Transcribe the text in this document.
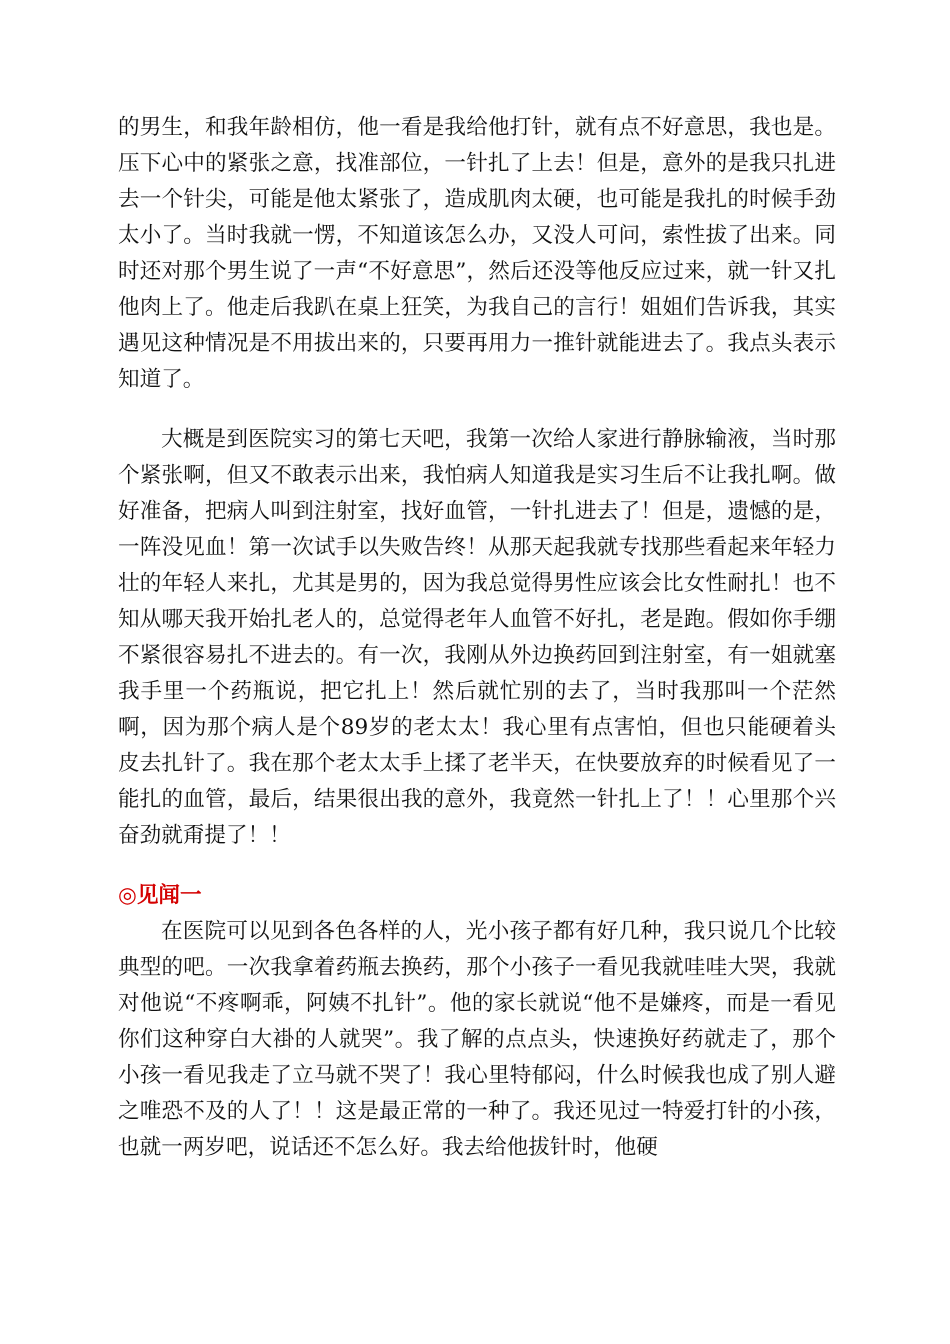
的男生，和我年龄相仿，他一看是我给他打针，就有点不好意思，我也是。压下心中的紧张之意，找准部位，一针扎了上去！但是，意外的是我只扎进去一个针尖，可能是他太紧张了，造成肌肉太硬，也可能是我扎的时候手劲太小了。当时我就一愣，不知道该怎么办，又没人可问，索性拔了出来。同时还对那个男生说了一声“不好意思”，然后还没等他反应过来，就一针又扎他肉上了。他走后我趴在桌上狂笑，为我自己的言行！姐姐们告诉我，其实遇见这种情况是不用拔出来的，只要再用力一推针就能进去了。我点头表示知道了。

大概是到医院实习的第七天吧，我第一次给人家进行静脉输液，当时那个紧张啊，但又不敢表示出来，我怕病人知道我是实习生后不让我扎啊。做好准备，把病人叫到注射室，找好血管，一针扎进去了！但是，遗憾的是，一阵没见血！第一次试手以失败告终！从那天起我就专找那些看起来年轻力壮的年轻人来扎，尤其是男的，因为我总觉得男性应该会比女性耐扎！也不知从哪天我开始扎老人的，总觉得老年人血管不好扎，老是跑。假如你手绷不紧很容易扎不进去的。有一次，我刚从外边换药回到注射室，有一姐就塞我手里一个药瓶说，把它扎上！然后就忙别的去了，当时我那叫一个茫然啊，因为那个病人是个89岁的老太太！我心里有点害怕，但也只能硬着头皮去扎针了。我在那个老太太手上揉了老半天，在快要放弃的时候看见了一能扎的血管，最后，结果很出我的意外，我竟然一针扎上了！！心里那个兴奋劲就甭提了！！

◎见闻一

在医院可以见到各色各样的人，光小孩子都有好几种，我只说几个比较典型的吧。一次我拿着药瓶去换药，那个小孩子一看见我就哇哇大哭，我就对他说“不疼啊乖，阿姨不扎针”。他的家长就说“他不是嫌疼，而是一看见你们这种穿白大褂的人就哭”。我了解的点点头，快速换好药就走了，那个小孩一看见我走了立马就不哭了！我心里特郁闷，什么时候我也成了别人避之唯恐不及的人了！！这是最正常的一种了。我还见过一特爱打针的小孩，也就一两岁吧，说话还不怎么好。我去给他拔针时，他硬
